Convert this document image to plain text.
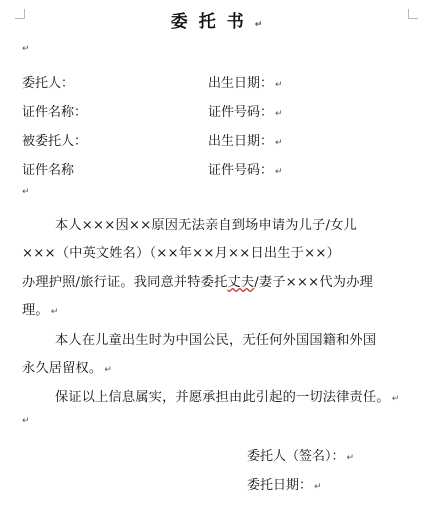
委托书↵
↵
委托人：	出生日期： ↵
证件名称：	证件号码： ↵
被委托人：	出生日期： ↵
证件名称	证件号码： ↵
↵
本人×××因××原因无法亲自到场申请为儿子/女儿
×××（中英文姓名）（××年××月××日出生于××）
办理护照/旅行证。我同意并特委托丈夫/妻子×××代为办理
理。 ↵
本人在儿童出生时为中国公民，无任何外国国籍和外国
永久居留权。 ↵
保证以上信息属实，并愿承担由此引起的一切法律责任。 ↵
↵
委托人（签名）： ↵
委托日期： ↵
